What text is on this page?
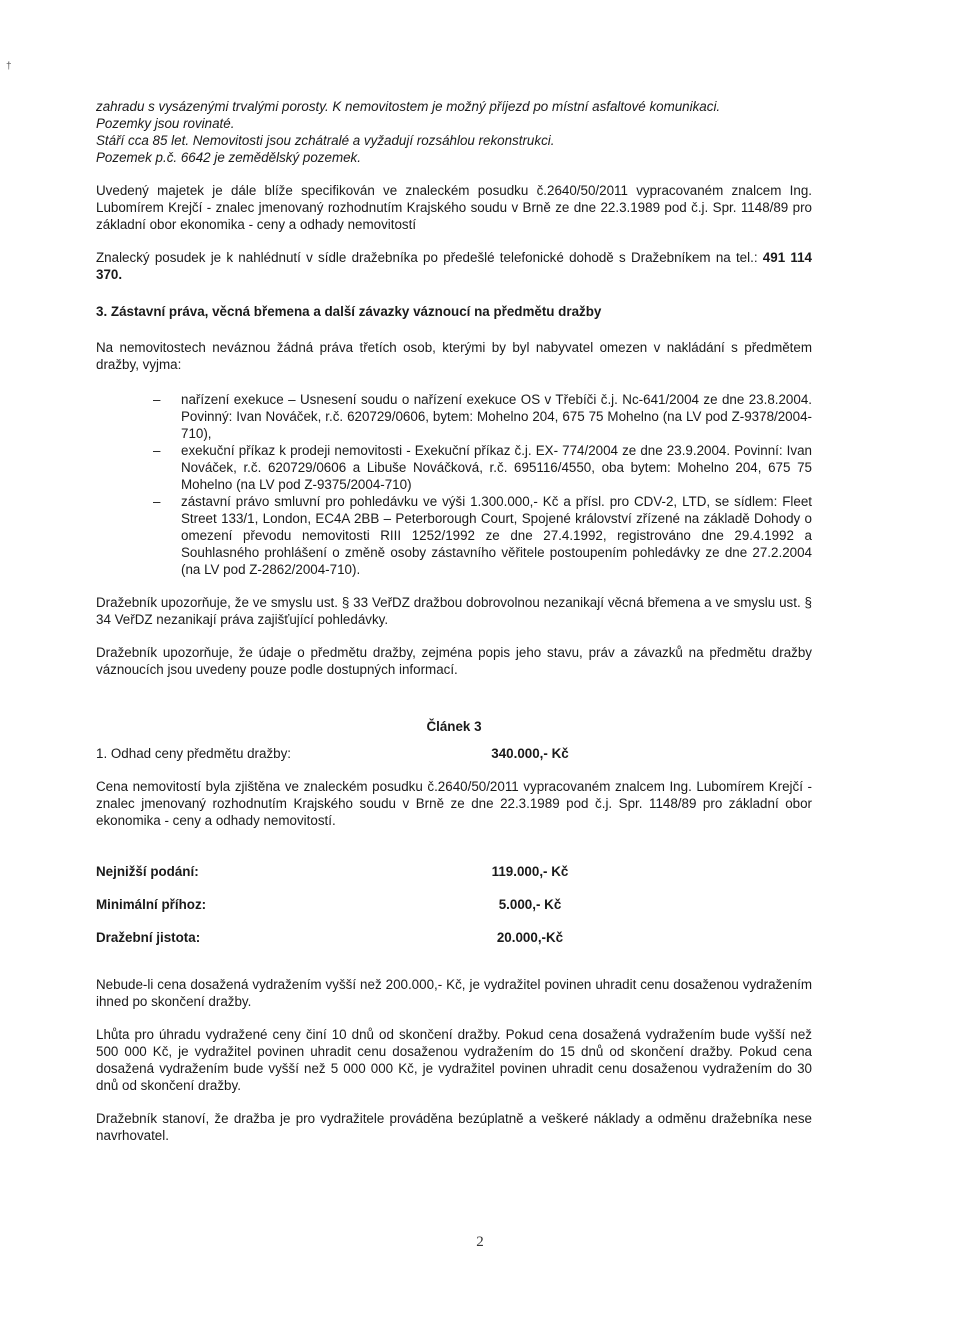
†

zahradu s vysázenými trvalými porosty. K nemovitostem je možný příjezd po místní asfaltové komunikaci.

Pozemky jsou rovinaté.

Stáří cca 85 let. Nemovitosti jsou zchátralé a vyžadují rozsáhlou rekonstrukci.

Pozemek p.č. 6642 je zemědělský pozemek.

Uvedený majetek je dále blíže specifikován ve znaleckém posudku č.2640/50/2011 vypracovaném znalcem Ing. Lubomírem Krejčí - znalec jmenovaný rozhodnutím Krajského soudu v Brně ze dne 22.3.1989 pod č.j. Spr. 1148/89 pro základní obor ekonomika - ceny a odhady nemovitostí

Znalecký posudek je k nahlédnutí v sídle dražebníka po předešlé telefonické dohodě s Dražebníkem na tel.: 491 114 370.

3. Zástavní práva, věcná břemena a další závazky váznoucí na předmětu dražby

Na nemovitostech neváznou žádná práva třetích osob, kterými by byl nabyvatel omezen v nakládání s předmětem dražby, vyjma:

– nařízení exekuce – Usnesení soudu o nařízení exekuce OS v Třebíči č.j. Nc-641/2004 ze dne 23.8.2004. Povinný: Ivan Nováček, r.č. 620729/0606, bytem: Mohelno 204, 675 75 Mohelno (na LV pod Z-9378/2004-710),
– exekuční příkaz k prodeji nemovitosti - Exekuční příkaz č.j. EX- 774/2004 ze dne 23.9.2004. Povinní: Ivan Nováček, r.č. 620729/0606 a Libuše Nováčková, r.č. 695116/4550, oba bytem: Mohelno 204, 675 75 Mohelno (na LV pod Z-9375/2004-710)
– zástavní právo smluvní pro pohledávku ve výši 1.300.000,- Kč a přísl. pro CDV-2, LTD, se sídlem: Fleet Street 133/1, London, EC4A 2BB – Peterborough Court, Spojené království zřízené na základě Dohody o omezení převodu nemovitosti RIII 1252/1992 ze dne 27.4.1992, registrováno dne 29.4.1992 a Souhlasného prohlášení o změně osoby zástavního věřitele postoupením pohledávky ze dne 27.2.2004 (na LV pod Z-2862/2004-710).

Dražebník upozorňuje, že ve smyslu ust. § 33 VeřDZ dražbou dobrovolnou nezanikají věcná břemena a ve smyslu ust. § 34 VeřDZ nezanikají práva zajišťující pohledávky.

Dražebník upozorňuje, že údaje o předmětu dražby, zejména popis jeho stavu, práv a závazků na předmětu dražby váznoucích jsou uvedeny pouze podle dostupných informací.

Článek 3

1. Odhad ceny předmětu dražby:	340.000,- Kč

Cena nemovitostí byla zjištěna ve znaleckém posudku č.2640/50/2011 vypracovaném znalcem Ing. Lubomírem Krejčí - znalec jmenovaný rozhodnutím Krajského soudu v Brně ze dne 22.3.1989 pod č.j. Spr. 1148/89 pro základní obor ekonomika - ceny a odhady nemovitostí.

Nejnižší podání:	119.000,- Kč
Minimální příhoz:	5.000,- Kč
Dražební jistota:	20.000,-Kč

Nebude-li cena dosažená vydražením vyšší než 200.000,- Kč, je vydražitel povinen uhradit cenu dosaženou vydražením ihned po skončení dražby.

Lhůta pro úhradu vydražené ceny činí 10 dnů od skončení dražby. Pokud cena dosažená vydražením bude vyšší než 500 000 Kč, je vydražitel povinen uhradit cenu dosaženou vydražením do 15 dnů od skončení dražby. Pokud cena dosažená vydražením bude vyšší než 5 000 000 Kč, je vydražitel povinen uhradit cenu dosaženou vydražením do 30 dnů od skončení dražby.

Dražebník stanoví, že dražba je pro vydražitele prováděna bezúplatně a veškeré náklady a odměnu dražebníka nese navrhovatel.

2
